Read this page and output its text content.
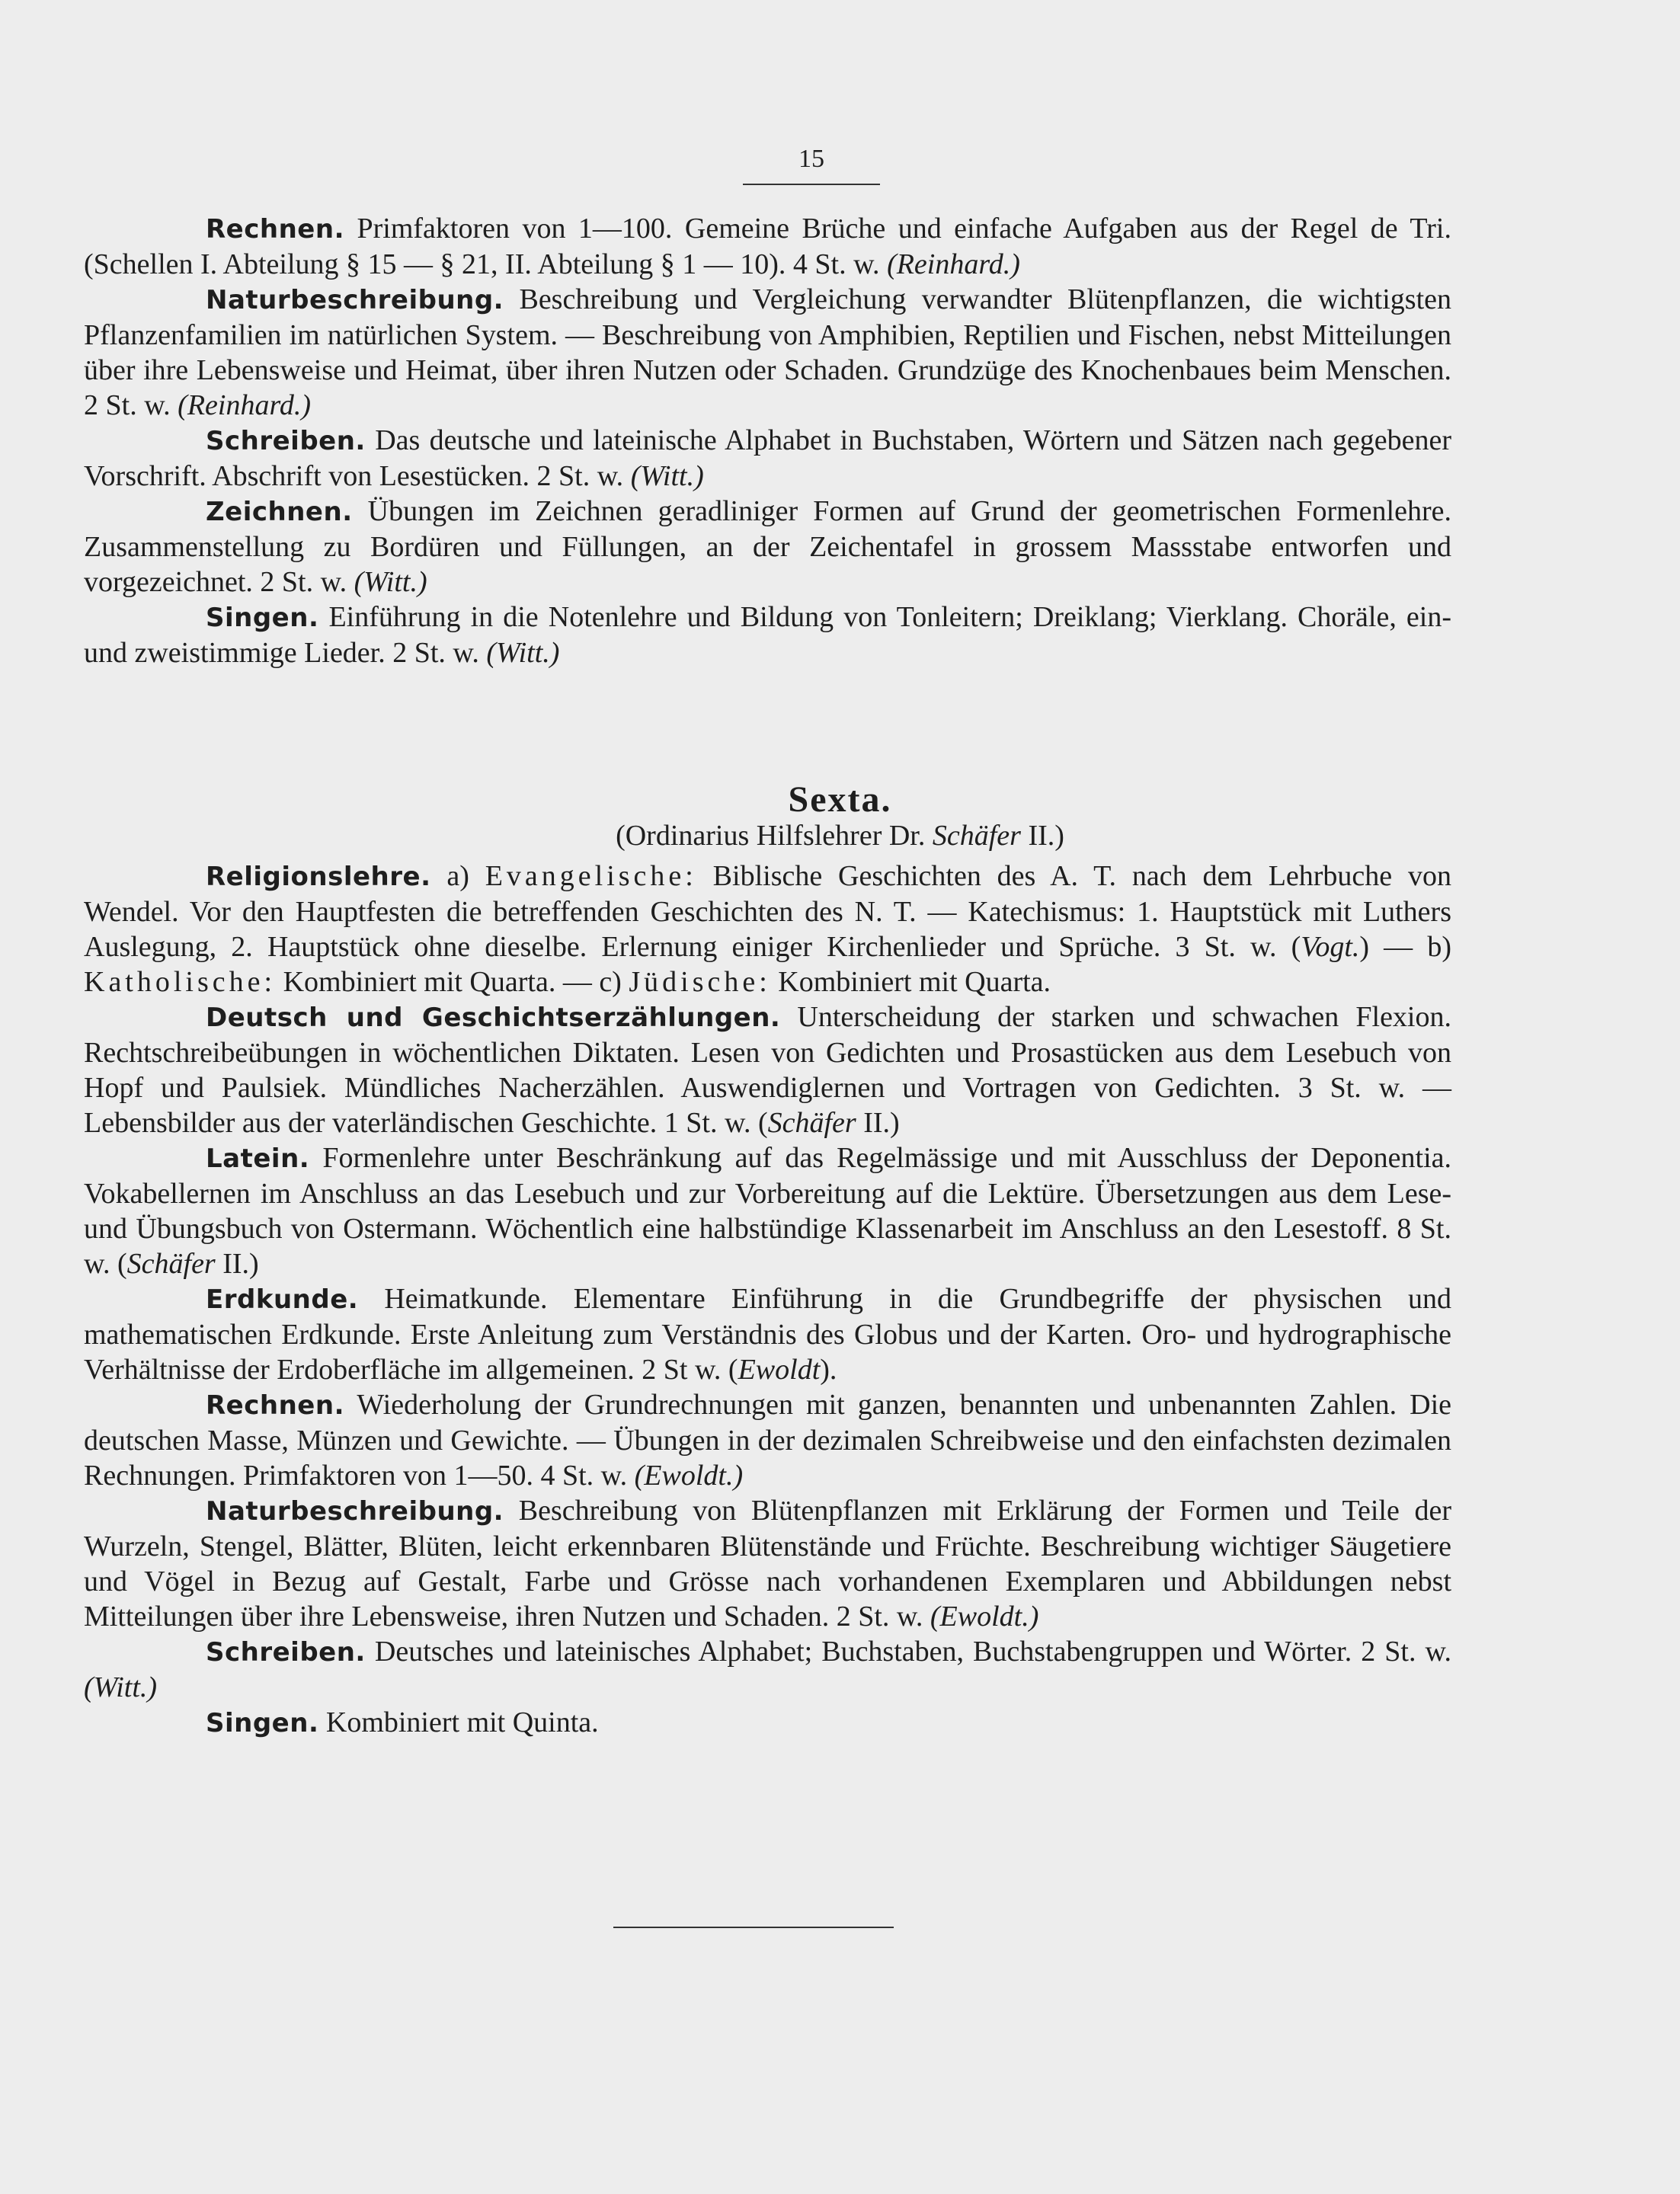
15

Rechnen. Primfaktoren von 1—100. Gemeine Brüche und einfache Aufgaben aus der Regel de Tri. (Schellen I. Abteilung § 15 — § 21, II. Abteilung § 1 — 10). 4 St. w. (Reinhard.)

Naturbeschreibung. Beschreibung und Vergleichung verwandter Blütenpflanzen, die wichtigsten Pflanzenfamilien im natürlichen System. — Beschreibung von Amphibien, Reptilien und Fischen, nebst Mitteilungen über ihre Lebensweise und Heimat, über ihren Nutzen oder Schaden. Grundzüge des Knochenbaues beim Menschen. 2 St. w. (Reinhard.)

Schreiben. Das deutsche und lateinische Alphabet in Buchstaben, Wörtern und Sätzen nach gegebener Vorschrift. Abschrift von Lesestücken. 2 St. w. (Witt.)

Zeichnen. Übungen im Zeichnen geradliniger Formen auf Grund der geometrischen Formenlehre. Zusammenstellung zu Bordüren und Füllungen, an der Zeichentafel in grossem Massstabe entworfen und vorgezeichnet. 2 St. w. (Witt.)

Singen. Einführung in die Notenlehre und Bildung von Tonleitern; Dreiklang; Vierklang. Choräle, ein- und zweistimmige Lieder. 2 St. w. (Witt.)

Sexta.
(Ordinarius Hilfslehrer Dr. Schäfer II.)

Religionslehre. a) Evangelische: Biblische Geschichten des A. T. nach dem Lehrbuche von Wendel. Vor den Hauptfesten die betreffenden Geschichten des N. T. — Katechismus: 1. Hauptstück mit Luthers Auslegung, 2. Hauptstück ohne dieselbe. Erlernung einiger Kirchenlieder und Sprüche. 3 St. w. (Vogt.) — b) Katholische: Kombiniert mit Quarta. — c) Jüdische: Kombiniert mit Quarta.

Deutsch und Geschichtserzählungen. Unterscheidung der starken und schwachen Flexion. Rechtschreibeübungen in wöchentlichen Diktaten. Lesen von Gedichten und Prosastücken aus dem Lesebuch von Hopf und Paulsiek. Mündliches Nacherzählen. Auswendiglernen und Vortragen von Gedichten. 3 St. w. — Lebensbilder aus der vaterländischen Geschichte. 1 St. w. (Schäfer II.)

Latein. Formenlehre unter Beschränkung auf das Regelmässige und mit Ausschluss der Deponentia. Vokabellernen im Anschluss an das Lesebuch und zur Vorbereitung auf die Lektüre. Übersetzungen aus dem Lese- und Übungsbuch von Ostermann. Wöchentlich eine halbstündige Klassenarbeit im Anschluss an den Lesestoff. 8 St. w. (Schäfer II.)

Erdkunde. Heimatkunde. Elementare Einführung in die Grundbegriffe der physischen und mathematischen Erdkunde. Erste Anleitung zum Verständnis des Globus und der Karten. Oro- und hydrographische Verhältnisse der Erdoberfläche im allgemeinen. 2 St w. (Ewoldt).

Rechnen. Wiederholung der Grundrechnungen mit ganzen, benannten und unbenannten Zahlen. Die deutschen Masse, Münzen und Gewichte. — Übungen in der dezimalen Schreibweise und den einfachsten dezimalen Rechnungen. Primfaktoren von 1—50. 4 St. w. (Ewoldt.)

Naturbeschreibung. Beschreibung von Blütenpflanzen mit Erklärung der Formen und Teile der Wurzeln, Stengel, Blätter, Blüten, leicht erkennbaren Blütenstände und Früchte. Beschreibung wichtiger Säugetiere und Vögel in Bezug auf Gestalt, Farbe und Grösse nach vorhandenen Exemplaren und Abbildungen nebst Mitteilungen über ihre Lebensweise, ihren Nutzen und Schaden. 2 St. w. (Ewoldt.)

Schreiben. Deutsches und lateinisches Alphabet; Buchstaben, Buchstabengruppen und Wörter. 2 St. w. (Witt.)

Singen. Kombiniert mit Quinta.
